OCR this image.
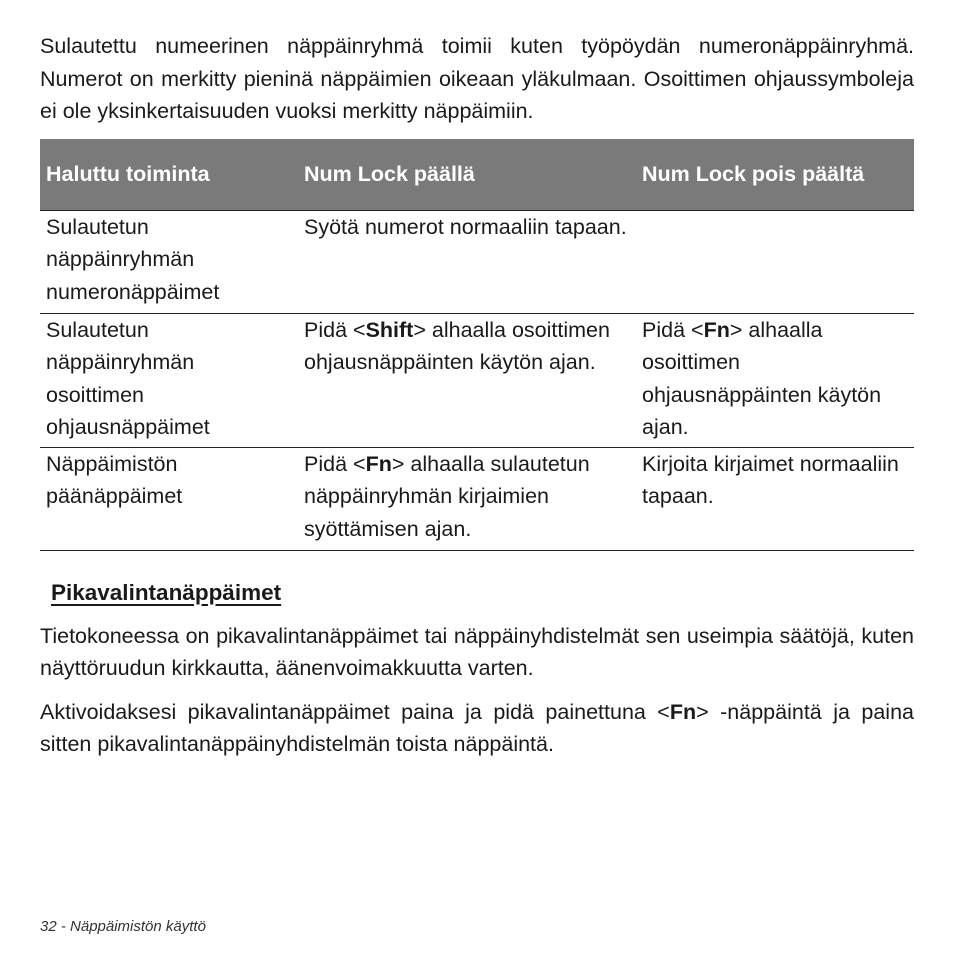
Sulautettu numeerinen näppäinryhmä toimii kuten työpöydän numeronäppäinryhmä. Numerot on merkitty pieninä näppäimien oikeaan yläkulmaan. Osoittimen ohjaussymboleja ei ole yksinkertaisuuden vuoksi merkitty näppäimiin.

Haluttu toiminta	Num Lock päällä	Num Lock pois päältä
Sulautetun näppäinryhmän numeronäppäimet	Syötä numerot normaaliin tapaan.	
Sulautetun näppäinryhmän osoittimen ohjausnäppäimet	Pidä <Shift> alhaalla osoittimen ohjausnäppäinten käytön ajan.	Pidä <Fn> alhaalla osoittimen ohjausnäppäinten käytön ajan.
Näppäimistön päänäppäimet	Pidä <Fn> alhaalla sulautetun näppäinryhmän kirjaimien syöttämisen ajan.	Kirjoita kirjaimet normaaliin tapaan.
Pikavalintanäppäimet

Tietokoneessa on pikavalintanäppäimet tai näppäinyhdistelmät sen useimpia säätöjä, kuten näyttöruudun kirkkautta, äänenvoimakkuutta varten.

Aktivoidaksesi pikavalintanäppäimet paina ja pidä painettuna <Fn> -näppäintä ja paina sitten pikavalintanäppäinyhdistelmän toista näppäintä.

32 - Näppäimistön käyttö
